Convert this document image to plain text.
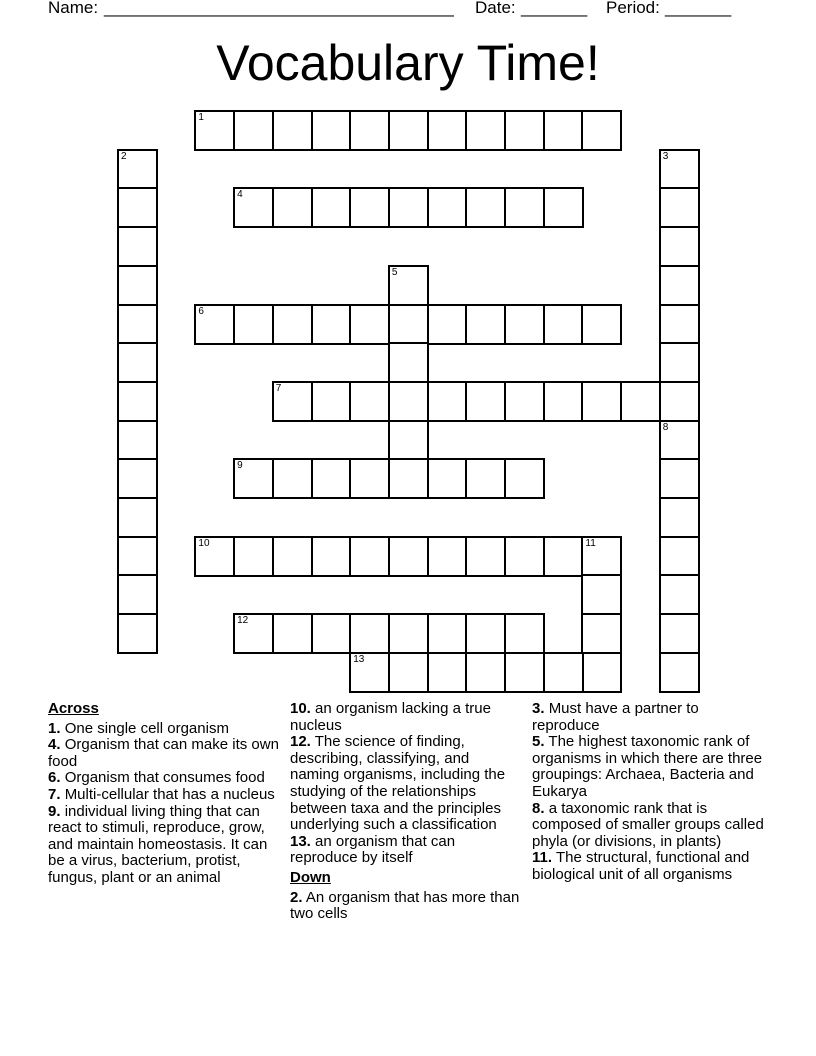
Name:

_____________________________________

Date:

_______

Period:

_______

Vocabulary Time!
1
2	3
4
5
6
7
8
9
10	11
12
13
Across
1. One single cell organism
4. Organism that can make its own food
6. Organism that consumes food
7. Multi-cellular that has a nucleus
9. individual living thing that can react to stimuli, reproduce, grow, and maintain homeostasis. It can be a virus, bacterium, protist, fungus, plant or an animal
10. an organism lacking a true nucleus
12. The science of finding, describing, classifying, and naming organisms, including the studying of the relationships between taxa and the principles underlying such a classification
13. an organism that can reproduce by itself
Down
2. An organism that has more than two cells
3. Must have a partner to reproduce
5. The highest taxonomic rank of organisms in which there are three groupings: Archaea, Bacteria and Eukarya
8. a taxonomic rank that is composed of smaller groups called phyla (or divisions, in plants)
11. The structural, functional and biological unit of all organisms
